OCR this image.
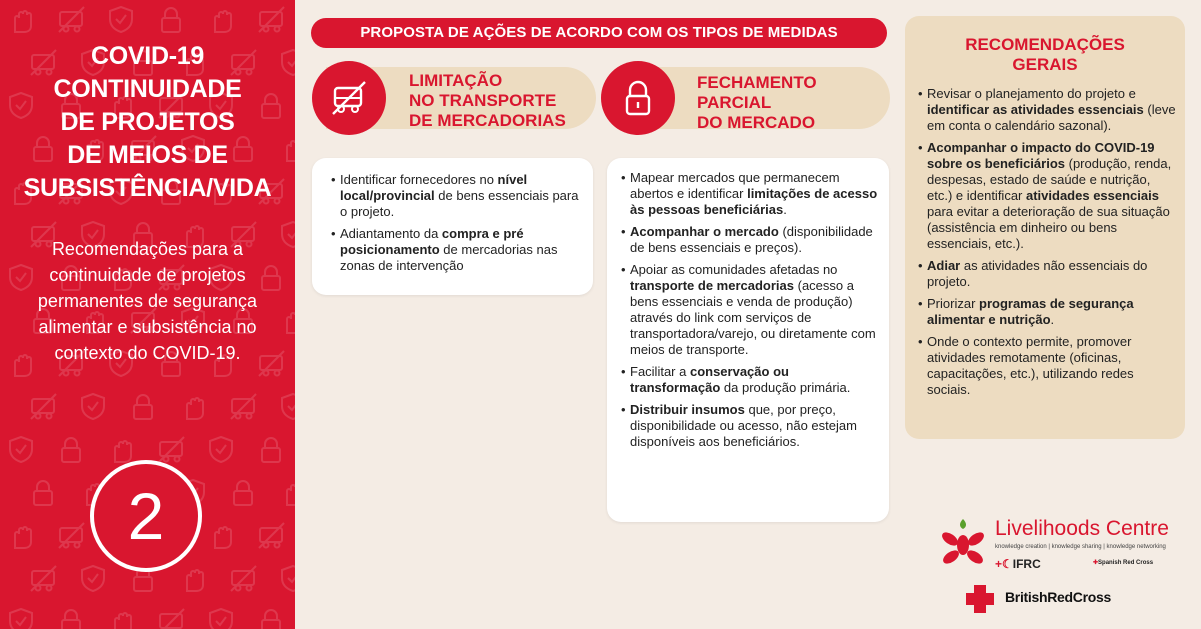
COVID-19
CONTINUIDADE
DE PROJETOS
DE MEIOS DE
SUBSISTÊNCIA/VIDA
Recomendações para a continuidade de projetos permanentes de segurança alimentar e subsistência no contexto do COVID-19.
2
PROPOSTA DE AÇÕES DE ACORDO COM OS TIPOS DE MEDIDAS
LIMITAÇÃO
NO TRANSPORTE
DE MERCADORIAS
FECHAMENTO
PARCIAL
DO MERCADO
• Identificar fornecedores no nível local/provincial de bens essenciais para o projeto.
• Adiantamento da compra e pré posicionamento de mercadorias nas zonas de intervenção
• Mapear mercados que permanecem abertos e identificar limitações de acesso às pessoas beneficiárias.
• Acompanhar o mercado (disponibilidade de bens essenciais e preços).
• Apoiar as comunidades afetadas no transporte de mercadorias (acesso a bens essenciais e venda de produção) através do link com serviços de transportadora/varejo, ou diretamente com meios de transporte.
• Facilitar a conservação ou transformação da produção primária.
• Distribuir insumos que, por preço, disponibilidade ou acesso, não estejam disponíveis aos beneficiários.
RECOMENDAÇÕES
GERAIS
• Revisar o planejamento do projeto e identificar as atividades essenciais (leve em conta o calendário sazonal).
• Acompanhar o impacto do COVID-19 sobre os beneficiários (produção, renda, despesas, estado de saúde e nutrição, etc.) e identificar atividades essenciais para evitar a deterioração de sua situação (assistência em dinheiro ou bens essenciais, etc.).
• Adiar as atividades não essenciais do projeto.
• Priorizar programas de segurança alimentar e nutrição.
• Onde o contexto permite, promover atividades remotamente (oficinas, capacitações, etc.), utilizando redes sociais.
Livelihoods Centre
knowledge creation | knowledge sharing | knowledge networking
+☾IFRC	✚Spanish Red Cross
BritishRedCross
